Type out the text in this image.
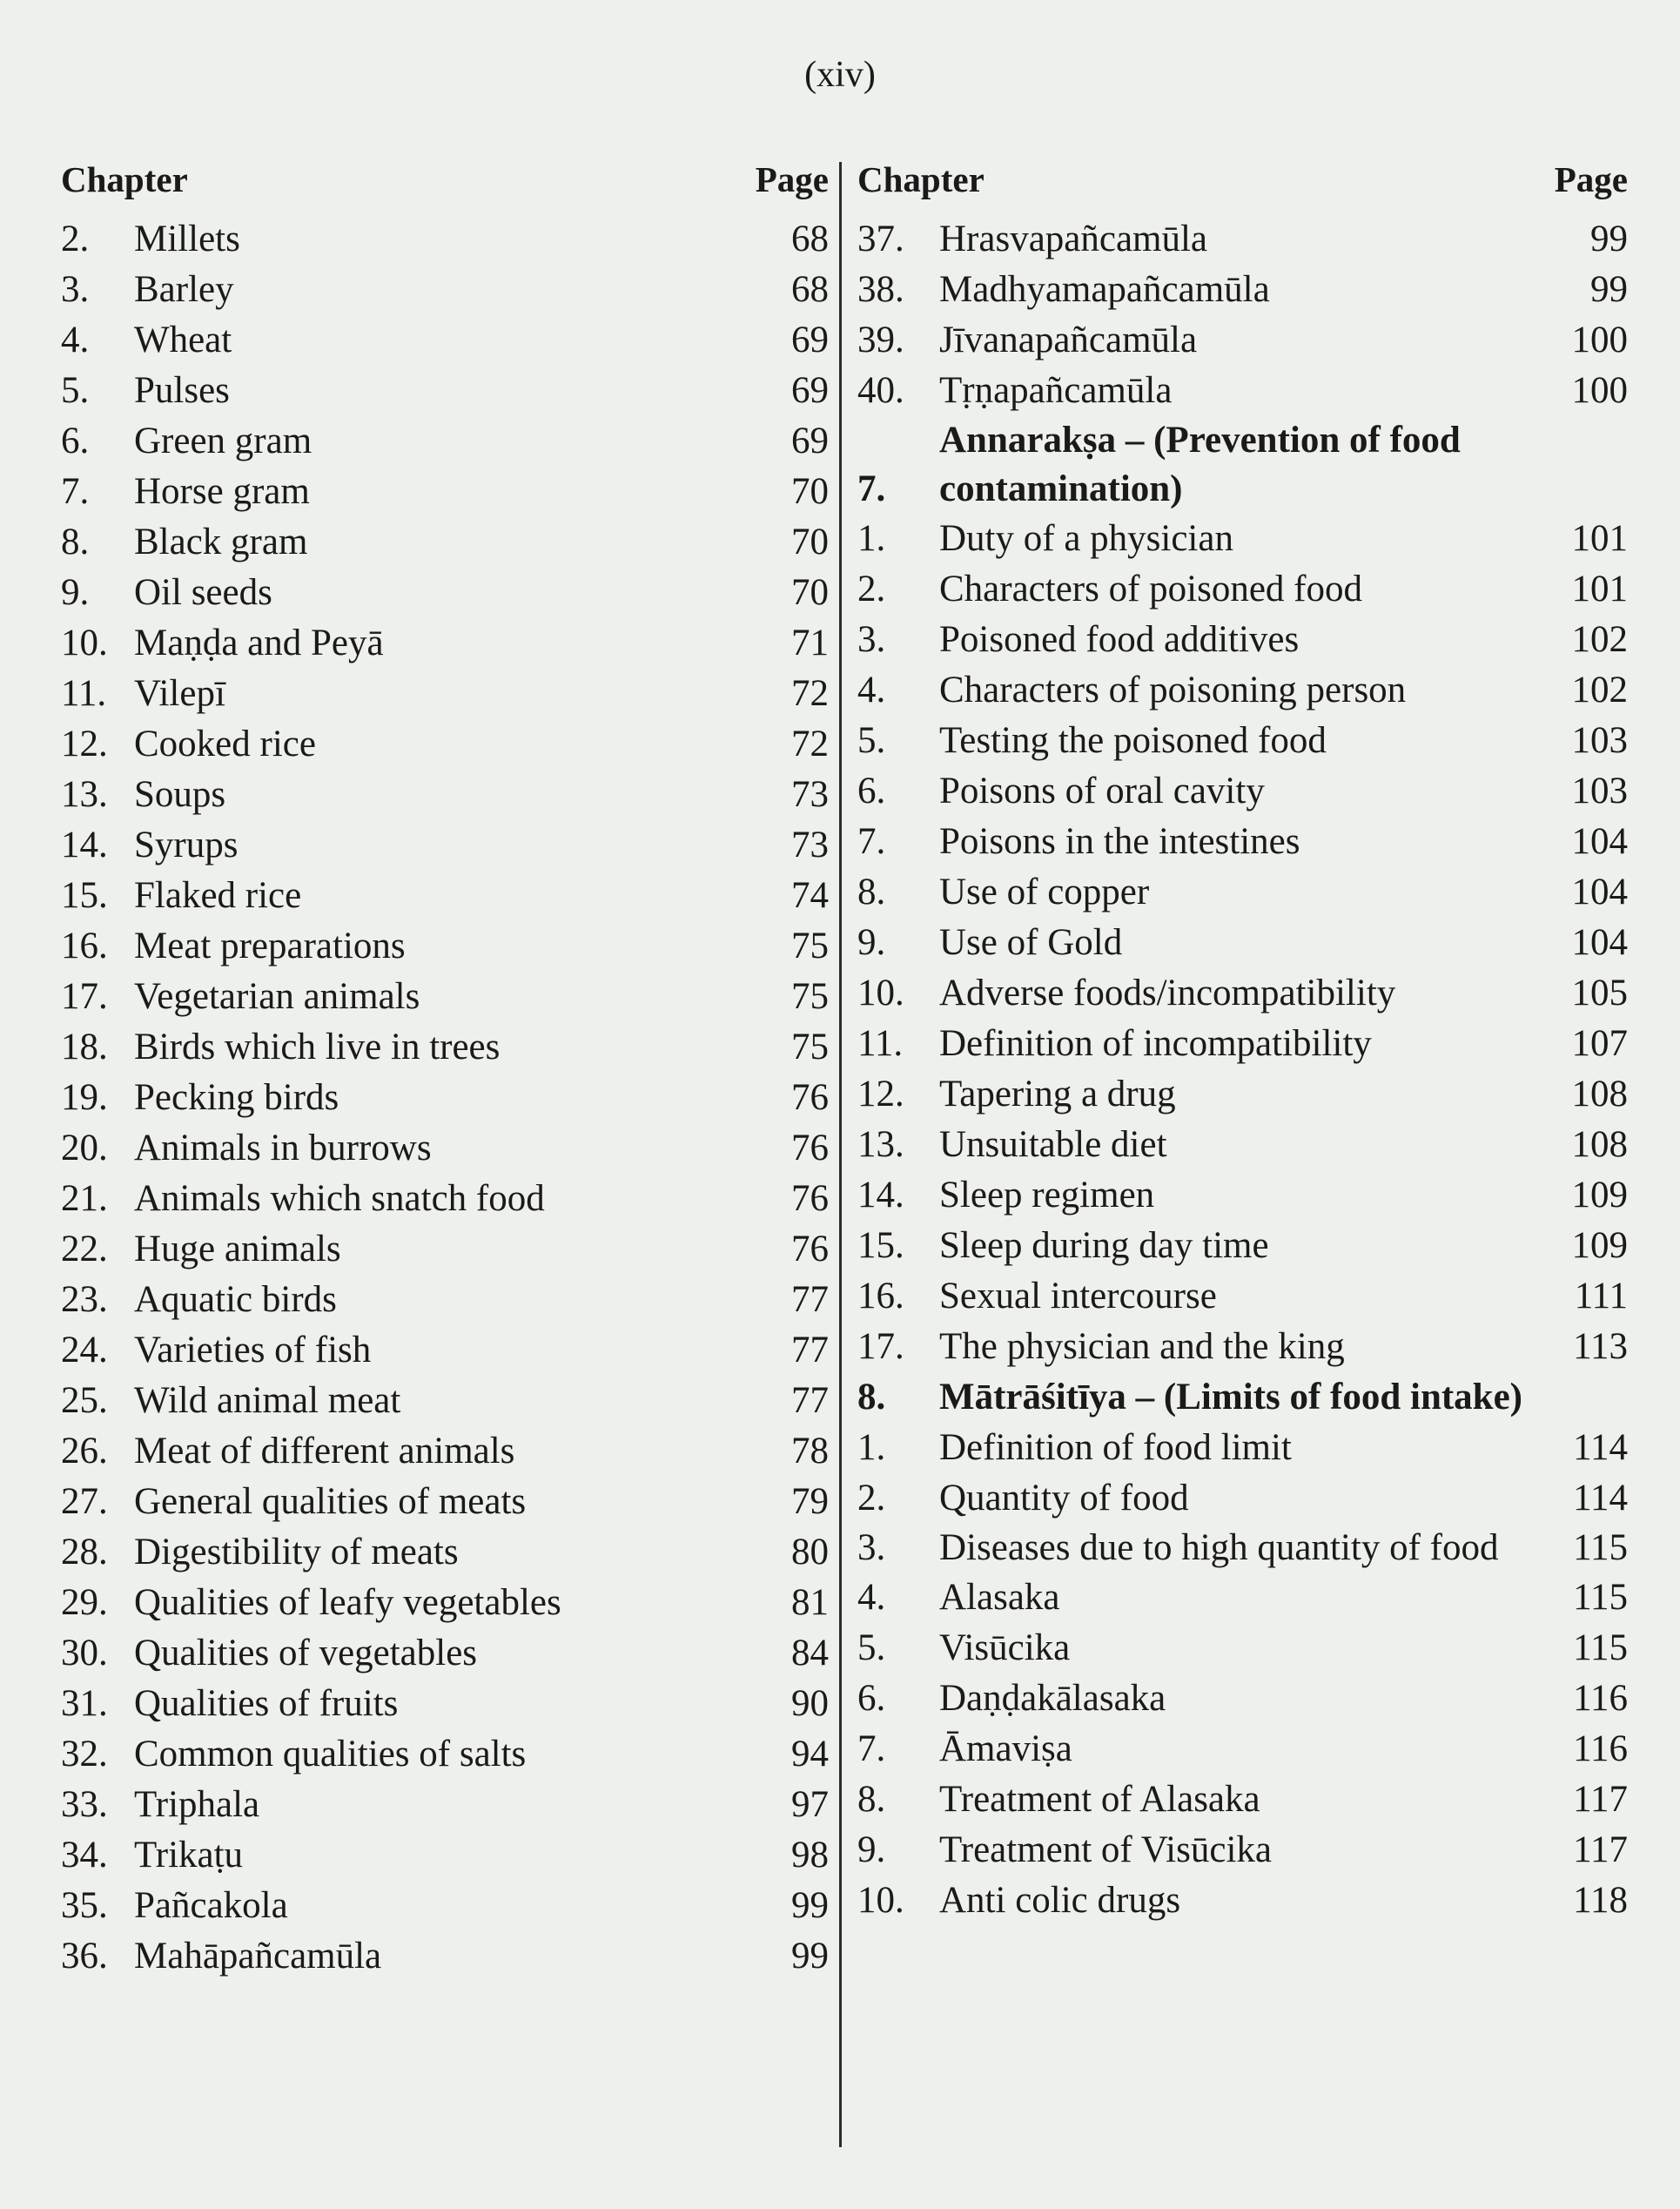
(xiv)
Chapter	Page
2.	Millets	68
3.	Barley	68
4.	Wheat	69
5.	Pulses	69
6.	Green gram	69
7.	Horse gram	70
8.	Black gram	70
9.	Oil seeds	70
10. Maṇḍa and Peyā	71
11. Vilepī	72
12. Cooked rice	72
13. Soups	73
14. Syrups	73
15. Flaked rice	74
16. Meat preparations	75
17. Vegetarian animals	75
18. Birds which live in trees	75
19. Pecking birds	76
20. Animals in burrows	76
21. Animals which snatch food	76
22. Huge animals	76
23. Aquatic birds	77
24. Varieties of fish	77
25. Wild animal meat	77
26. Meat of different animals	78
27. General qualities of meats	79
28. Digestibility of meats	80
29. Qualities of leafy vegetables	81
30. Qualities of vegetables	84
31. Qualities of fruits	90
32. Common qualities of salts	94
33. Triphala	97
34. Trikaṭu	98
35. Pañcakola	99
36. Mahāpañcamūla	99
Chapter	Page
37. Hrasvapañcamūla	99
38. Madhyamapañcamūla	99
39. Jīvanapañcamūla	100
40. Tṛṇapañcamūla	100
7.
Annarakṣa – (Prevention of food contamination)
1.	Duty of a physician	101
2.	Characters of poisoned food	101
3.	Poisoned food additives	102
4.	Characters of poisoning person	102
5.	Testing the poisoned food	103
6.	Poisons of oral cavity	103
7.	Poisons in the intestines	104
8.	Use of copper	104
9.	Use of Gold	104
10. Adverse foods/incompatibility	105
11. Definition of incompatibility	107
12. Tapering a drug	108
13. Unsuitable diet	108
14. Sleep regimen	109
15. Sleep during day time	109
16. Sexual intercourse	111
17. The physician and the king	113
8.	Mātrāśitīya – (Limits of food intake)
1.	Definition of food limit	114
2.	Quantity of food	114
3.	Diseases due to high quantity of food	115
4.	Alasaka	115
5.	Visūcika	115
6.	Daṇḍakālasaka	116
7.	Āmaviṣa	116
8.	Treatment of Alasaka	117
9.	Treatment of Visūcika	117
10. Anti colic drugs	118
